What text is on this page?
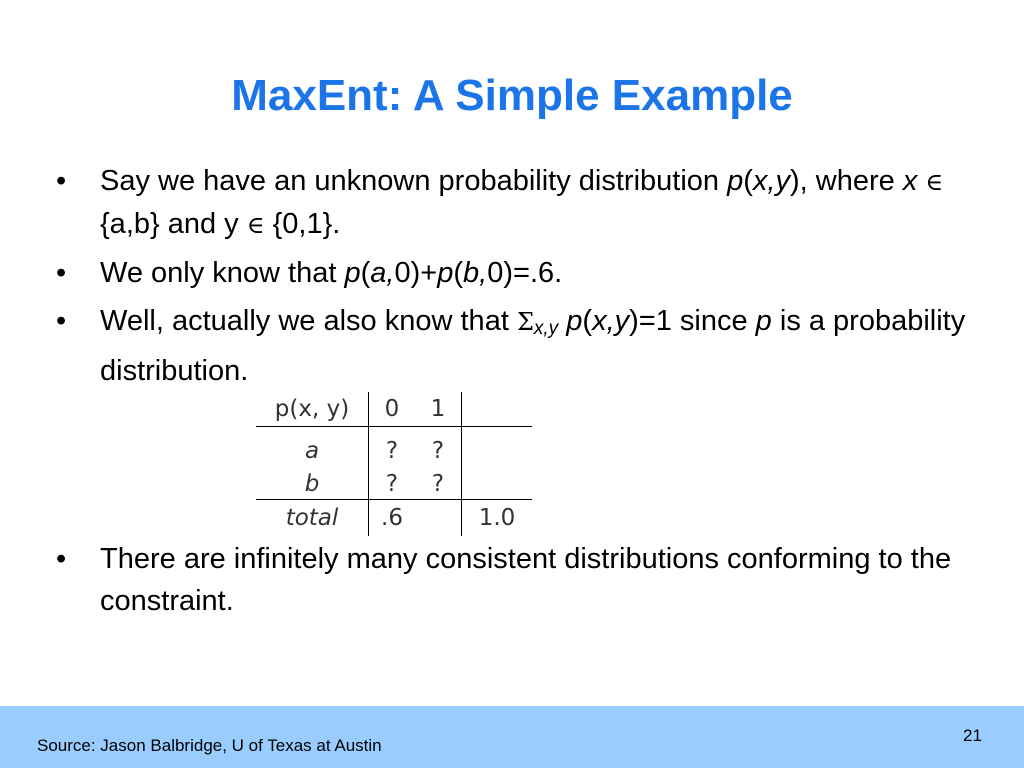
MaxEnt: A Simple Example
•	Say we have an unknown probability distribution p(x,y), where x ∈ {a,b} and y ∈ {0,1}.
•	We only know that p(a,0)+p(b,0)=.6.
•	Well, actually we also know that $\Sigma_{x,y}$ p(x,y)=1 since p is a probability distribution.
p(x, y)	0	1	
a	?	?	
b	?	?	
total	.6		1.0
•	There are infinitely many consistent distributions conforming to the constraint.
21
Source: Jason Balbridge, U of Texas at Austin
